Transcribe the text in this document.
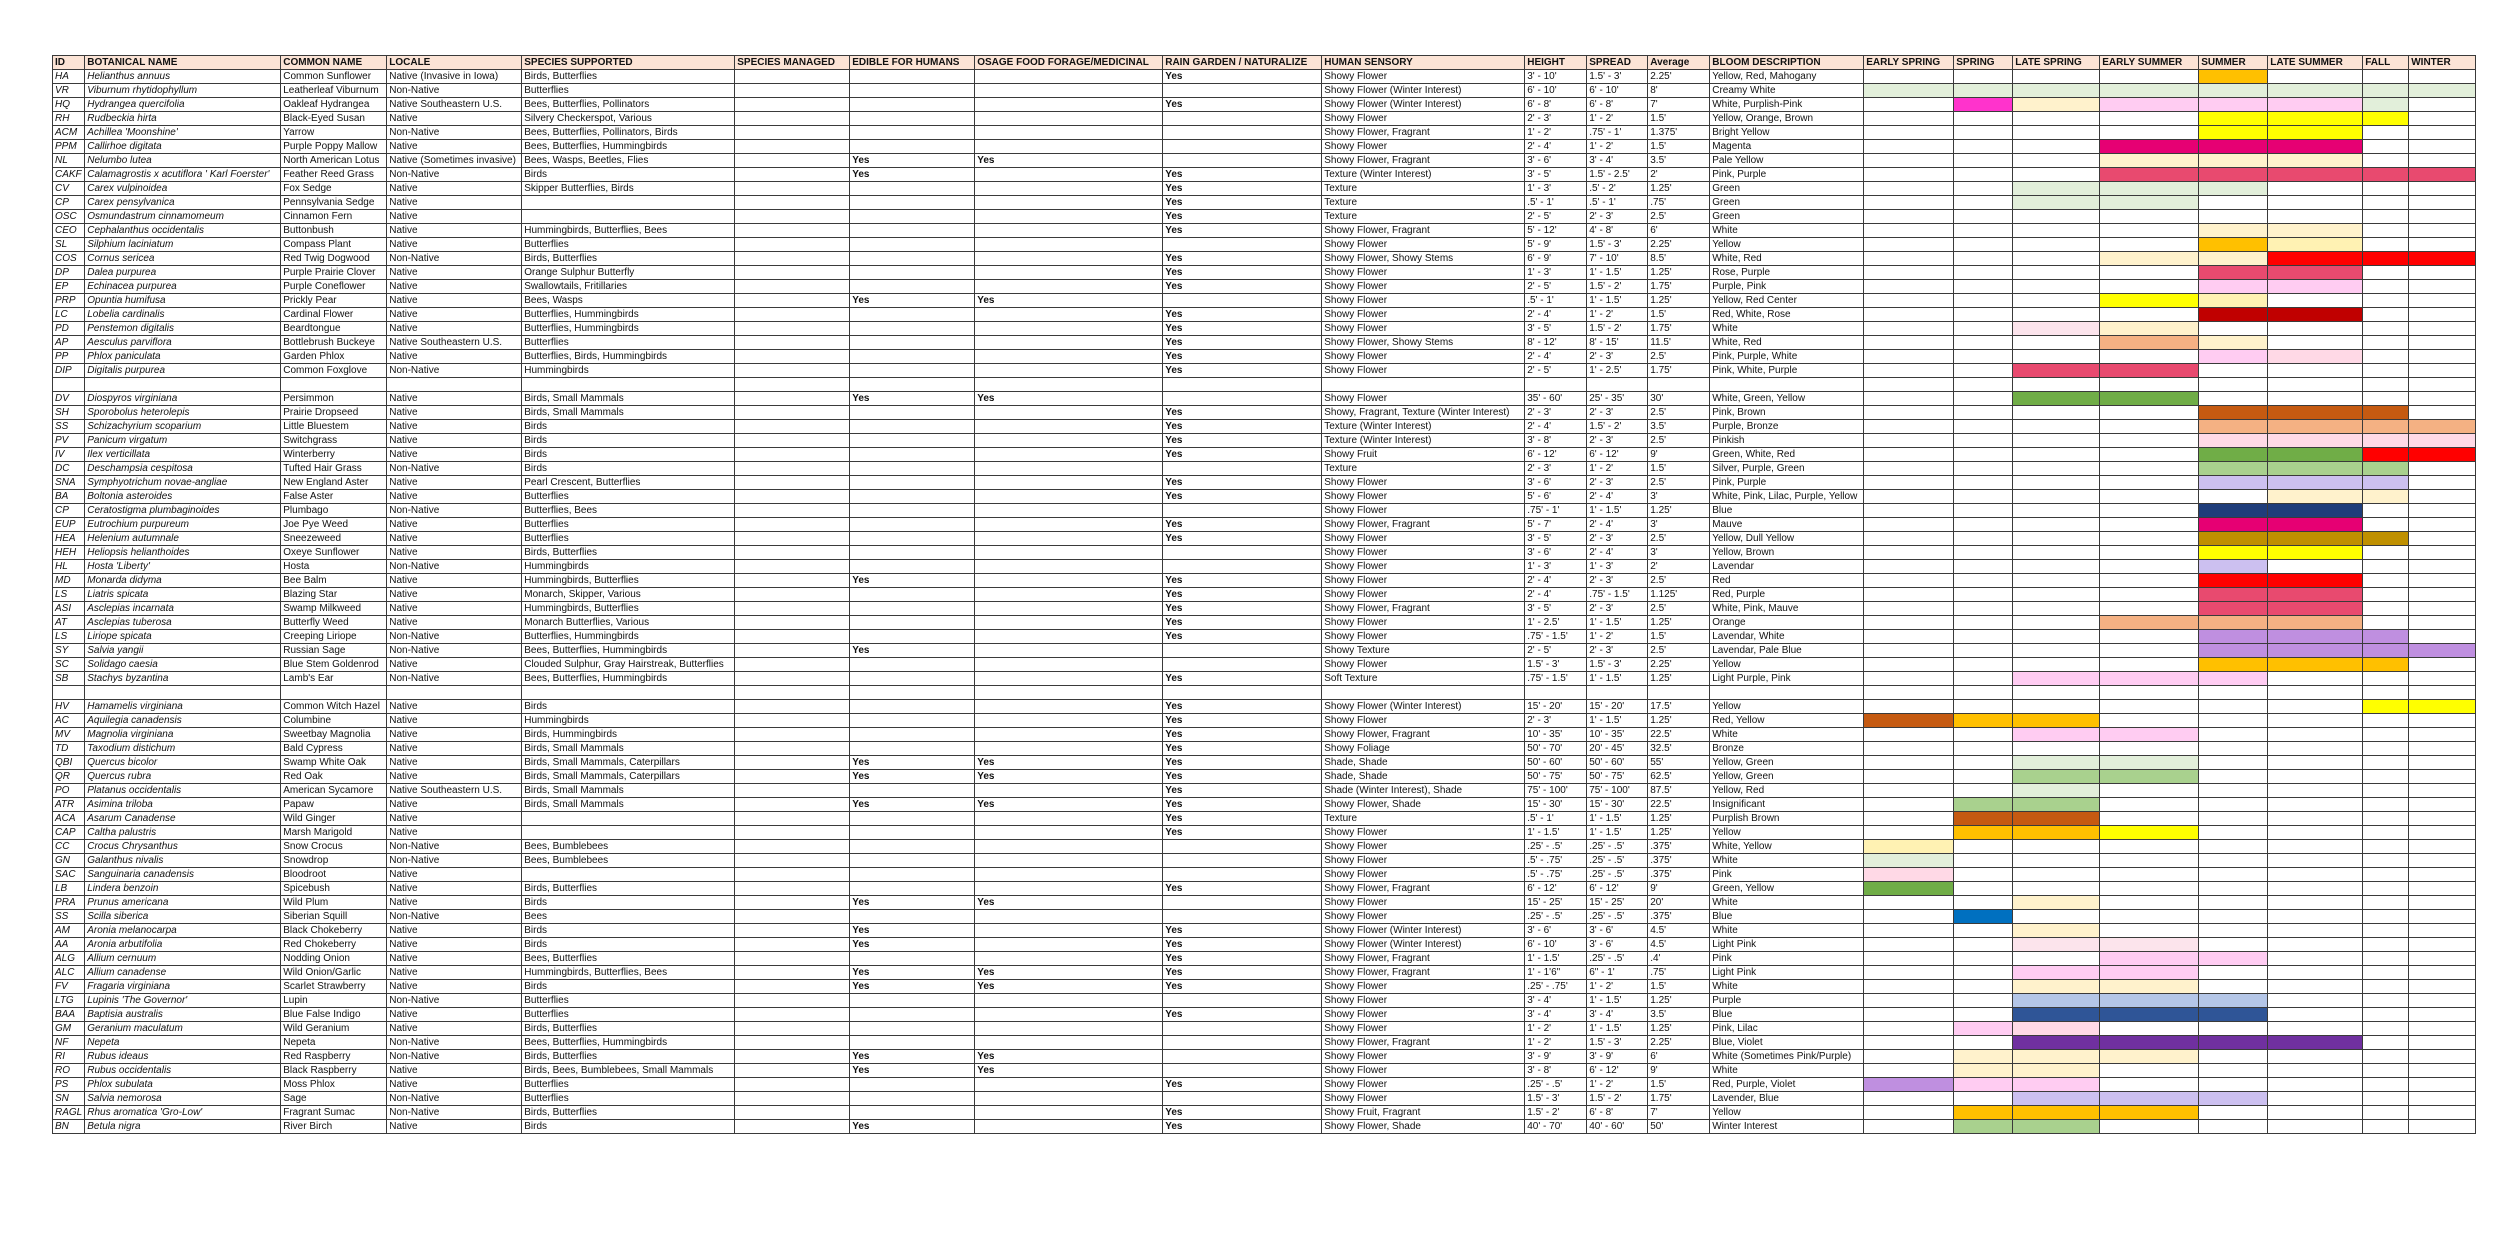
ID	BOTANICAL NAME	COMMON NAME	LOCALE	SPECIES SUPPORTED	SPECIES MANAGED	EDIBLE FOR HUMANS	OSAGE FOOD FORAGE/MEDICINAL	RAIN GARDEN / NATURALIZE	HUMAN SENSORY	HEIGHT	SPREAD	Average	BLOOM DESCRIPTION	EARLY SPRING	SPRING	LATE SPRING	EARLY SUMMER	SUMMER	LATE SUMMER	FALL	WINTER
HA	Helianthus annuus	Common Sunflower	Native (Invasive in Iowa)	Birds, Butterflies				Yes	Showy Flower	3' - 10'	1.5' - 3'	2.25'	Yellow, Red, Mahogany								
VR	Viburnum rhytidophyllum	Leatherleaf Viburnum	Non-Native	Butterflies					Showy Flower (Winter Interest)	6' - 10'	6' - 10'	8'	Creamy White								
HQ	Hydrangea quercifolia	Oakleaf Hydrangea	Native Southeastern U.S.	Bees, Butterflies, Pollinators				Yes	Showy Flower (Winter Interest)	6' - 8'	6' - 8'	7'	White, Purplish-Pink								
RH	Rudbeckia hirta	Black-Eyed Susan	Native	Silvery Checkerspot, Various					Showy Flower	2' - 3'	1' - 2'	1.5'	Yellow, Orange, Brown								
ACM	Achillea 'Moonshine'	Yarrow	Non-Native	Bees, Butterflies, Pollinators, Birds					Showy Flower, Fragrant	1' - 2'	.75' - 1'	1.375'	Bright Yellow								
PPM	Callirhoe digitata	Purple Poppy Mallow	Native	Bees, Butterflies, Hummingbirds					Showy Flower	2' - 4'	1' - 2'	1.5'	Magenta								
NL	Nelumbo lutea	North American Lotus	Native (Sometimes invasive)	Bees, Wasps, Beetles, Flies		Yes	Yes		Showy Flower, Fragrant	3' - 6'	3' - 4'	3.5'	Pale Yellow								
CAKF	Calamagrostis x acutiflora ' Karl Foerster'	Feather Reed Grass	Non-Native	Birds		Yes		Yes	Texture (Winter Interest)	3' - 5'	1.5' - 2.5'	2'	Pink, Purple								
CV	Carex vulpinoidea	Fox Sedge	Native	Skipper Butterflies, Birds				Yes	Texture	1' - 3'	.5' - 2'	1.25'	Green								
CP	Carex pensylvanica	Pennsylvania Sedge	Native					Yes	Texture	.5' - 1'	.5' - 1'	.75'	Green								
OSC	Osmundastrum cinnamomeum	Cinnamon Fern	Native					Yes	Texture	2' - 5'	2' - 3'	2.5'	Green								
CEO	Cephalanthus occidentalis	Buttonbush	Native	Hummingbirds, Butterflies, Bees				Yes	Showy Flower, Fragrant	5' - 12'	4' - 8'	6'	White								
SL	Silphium laciniatum	Compass Plant	Native	Butterflies					Showy Flower	5' - 9'	1.5' - 3'	2.25'	Yellow								
COS	Cornus sericea	Red Twig Dogwood	Non-Native	Birds, Butterflies				Yes	Showy Flower, Showy Stems	6' - 9'	7' - 10'	8.5'	White, Red								
DP	Dalea purpurea	Purple Prairie Clover	Native	Orange Sulphur Butterfly				Yes	Showy Flower	1' - 3'	1' - 1.5'	1.25'	Rose, Purple								
EP	Echinacea purpurea	Purple Coneflower	Native	Swallowtails, Fritillaries				Yes	Showy Flower	2' - 5'	1.5' - 2'	1.75'	Purple, Pink								
PRP	Opuntia humifusa	Prickly Pear	Native	Bees, Wasps		Yes	Yes		Showy Flower	.5' - 1'	1' - 1.5'	1.25'	Yellow, Red Center								
LC	Lobelia cardinalis	Cardinal Flower	Native	Butterflies, Hummingbirds				Yes	Showy Flower	2' - 4'	1' - 2'	1.5'	Red, White, Rose								
PD	Penstemon digitalis	Beardtongue	Native	Butterflies, Hummingbirds				Yes	Showy Flower	3' - 5'	1.5' - 2'	1.75'	White								
AP	Aesculus parviflora	Bottlebrush Buckeye	Native Southeastern U.S.	Butterflies				Yes	Showy Flower, Showy Stems	8' - 12'	8' - 15'	11.5'	White, Red								
PP	Phlox paniculata	Garden Phlox	Native	Butterflies, Birds, Hummingbirds				Yes	Showy Flower	2' - 4'	2' - 3'	2.5'	Pink, Purple, White								
DIP	Digitalis purpurea	Common Foxglove	Non-Native	Hummingbirds				Yes	Showy Flower	2' - 5'	1' - 2.5'	1.75'	Pink, White, Purple								

DV	Diospyros virginiana	Persimmon	Native	Birds, Small Mammals		Yes	Yes		Showy Flower	35' - 60'	25' - 35'	30'	White, Green, Yellow								
SH	Sporobolus heterolepis	Prairie Dropseed	Native	Birds, Small Mammals				Yes	Showy, Fragrant, Texture (Winter Interest)	2' - 3'	2' - 3'	2.5'	Pink, Brown								
SS	Schizachyrium scoparium	Little Bluestem	Native	Birds				Yes	Texture (Winter Interest)	2' - 4'	1.5' - 2'	3.5'	Purple, Bronze								
PV	Panicum virgatum	Switchgrass	Native	Birds				Yes	Texture (Winter Interest)	3' - 8'	2' - 3'	2.5'	Pinkish								
IV	Ilex verticillata	Winterberry	Native	Birds				Yes	Showy Fruit	6' - 12'	6' - 12'	9'	Green, White, Red								
DC	Deschampsia cespitosa	Tufted Hair Grass	Non-Native	Birds					Texture	2' - 3'	1' - 2'	1.5'	Silver, Purple, Green								
SNA	Symphyotrichum novae-angliae	New England Aster	Native	Pearl Crescent, Butterflies				Yes	Showy Flower	3' - 6'	2' - 3'	2.5'	Pink, Purple								
BA	Boltonia asteroides	False Aster	Native	Butterflies				Yes	Showy Flower	5' - 6'	2' - 4'	3'	White, Pink, Lilac, Purple, Yellow								
CP	Ceratostigma plumbaginoides	Plumbago	Non-Native	Butterflies, Bees					Showy Flower	.75' - 1'	1' - 1.5'	1.25'	Blue								
EUP	Eutrochium purpureum	Joe Pye Weed	Native	Butterflies				Yes	Showy Flower, Fragrant	5' - 7'	2' - 4'	3'	Mauve								
HEA	Helenium autumnale	Sneezeweed	Native	Butterflies				Yes	Showy Flower	3' - 5'	2' - 3'	2.5'	Yellow, Dull Yellow								
HEH	Heliopsis helianthoides	Oxeye Sunflower	Native	Birds, Butterflies					Showy Flower	3' - 6'	2' - 4'	3'	Yellow, Brown								
HL	Hosta 'Liberty'	Hosta	Non-Native	Hummingbirds					Showy Flower	1' - 3'	1' - 3'	2'	Lavendar								
MD	Monarda didyma	Bee Balm	Native	Hummingbirds, Butterflies		Yes		Yes	Showy Flower	2' - 4'	2' - 3'	2.5'	Red								
LS	Liatris spicata	Blazing Star	Native	Monarch, Skipper, Various				Yes	Showy Flower	2' - 4'	.75' - 1.5'	1.125'	Red, Purple								
ASI	Asclepias incarnata	Swamp Milkweed	Native	Hummingbirds, Butterflies				Yes	Showy Flower, Fragrant	3' - 5'	2' - 3'	2.5'	White, Pink, Mauve								
AT	Asclepias tuberosa	Butterfly Weed	Native	Monarch Butterflies, Various				Yes	Showy Flower	1' - 2.5'	1' - 1.5'	1.25'	Orange								
LS	Liriope spicata	Creeping Liriope	Non-Native	Butterflies, Hummingbirds				Yes	Showy Flower	.75' - 1.5'	1' - 2'	1.5'	Lavendar, White								
SY	Salvia yangii	Russian Sage	Non-Native	Bees, Butterflies, Hummingbirds		Yes			Showy Texture	2' - 5'	2' - 3'	2.5'	Lavendar, Pale Blue								
SC	Solidago caesia	Blue Stem Goldenrod	Native	Clouded Sulphur, Gray Hairstreak, Butterflies					Showy Flower	1.5' - 3'	1.5' - 3'	2.25'	Yellow								
SB	Stachys byzantina	Lamb's Ear	Non-Native	Bees, Butterflies, Hummingbirds				Yes	Soft Texture	.75' - 1.5'	1' - 1.5'	1.25'	Light Purple, Pink								

HV	Hamamelis virginiana	Common Witch Hazel	Native	Birds				Yes	Showy Flower (Winter Interest)	15' - 20'	15' - 20'	17.5'	Yellow								
AC	Aquilegia canadensis	Columbine	Native	Hummingbirds				Yes	Showy Flower	2' - 3'	1' - 1.5'	1.25'	Red, Yellow								
MV	Magnolia virginiana	Sweetbay Magnolia	Native	Birds, Hummingbirds				Yes	Showy Flower, Fragrant	10' - 35'	10' - 35'	22.5'	White								
TD	Taxodium distichum	Bald Cypress	Native	Birds, Small Mammals				Yes	Showy Foliage	50' - 70'	20' - 45'	32.5'	Bronze								
QBI	Quercus bicolor	Swamp White Oak	Native	Birds, Small Mammals, Caterpillars		Yes	Yes	Yes	Shade, Shade	50' - 60'	50' - 60'	55'	Yellow, Green								
QR	Quercus rubra	Red Oak	Native	Birds, Small Mammals, Caterpillars		Yes	Yes	Yes	Shade, Shade	50' - 75'	50' - 75'	62.5'	Yellow, Green								
PO	Platanus occidentalis	American Sycamore	Native Southeastern U.S.	Birds, Small Mammals				Yes	Shade (Winter Interest), Shade	75' - 100'	75' - 100'	87.5'	Yellow, Red								
ATR	Asimina triloba	Papaw	Native	Birds, Small Mammals		Yes	Yes	Yes	Showy Flower, Shade	15' - 30'	15' - 30'	22.5'	Insignificant								
ACA	Asarum Canadense	Wild Ginger	Native					Yes	Texture	.5' - 1'	1' - 1.5'	1.25'	Purplish Brown								
CAP	Caltha palustris	Marsh Marigold	Native					Yes	Showy Flower	1' - 1.5'	1' - 1.5'	1.25'	Yellow								
CC	Crocus Chrysanthus	Snow Crocus	Non-Native	Bees, Bumblebees					Showy Flower	.25' - .5'	.25' - .5'	.375'	White, Yellow								
GN	Galanthus nivalis	Snowdrop	Non-Native	Bees, Bumblebees					Showy Flower	.5' - .75'	.25' - .5'	.375'	White								
SAC	Sanguinaria canadensis	Bloodroot	Native						Showy Flower	.5' - .75'	.25' - .5'	.375'	Pink								
LB	Lindera benzoin	Spicebush	Native	Birds, Butterflies				Yes	Showy Flower, Fragrant	6' - 12'	6' - 12'	9'	Green, Yellow								
PRA	Prunus americana	Wild Plum	Native	Birds		Yes	Yes		Showy Flower	15' - 25'	15' - 25'	20'	White								
SS	Scilla siberica	Siberian Squill	Non-Native	Bees					Showy Flower	.25' - .5'	.25' - .5'	.375'	Blue								
AM	Aronia melanocarpa	Black Chokeberry	Native	Birds		Yes		Yes	Showy Flower (Winter Interest)	3' - 6'	3' - 6'	4.5'	White								
AA	Aronia arbutifolia	Red Chokeberry	Native	Birds		Yes		Yes	Showy Flower (Winter Interest)	6' - 10'	3' - 6'	4.5'	Light Pink								
ALG	Allium cernuum	Nodding Onion	Native	Bees, Butterflies				Yes	Showy Flower, Fragrant	1' - 1.5'	.25' - .5'	.4'	Pink								
ALC	Allium canadense	Wild Onion/Garlic	Native	Hummingbirds, Butterflies, Bees		Yes	Yes	Yes	Showy Flower, Fragrant	1' - 1'6"	6" - 1'	.75'	Light Pink								
FV	Fragaria virginiana	Scarlet Strawberry	Native	Birds		Yes	Yes	Yes	Showy Flower	.25' - .75'	1' - 2'	1.5'	White								
LTG	Lupinis 'The Governor'	Lupin	Non-Native	Butterflies					Showy Flower	3' - 4'	1' - 1.5'	1.25'	Purple								
BAA	Baptisia australis	Blue False Indigo	Native	Butterflies				Yes	Showy Flower	3' - 4'	3' - 4'	3.5'	Blue								
GM	Geranium maculatum	Wild Geranium	Native	Birds, Butterflies					Showy Flower	1' - 2'	1' - 1.5'	1.25'	Pink, Lilac								
NF	Nepeta	Nepeta	Non-Native	Bees, Butterflies, Hummingbirds					Showy Flower, Fragrant	1' - 2'	1.5' - 3'	2.25'	Blue, Violet								
RI	Rubus ideaus	Red Raspberry	Non-Native	Birds, Butterflies		Yes	Yes		Showy Flower	3' - 9'	3' - 9'	6'	White (Sometimes Pink/Purple)								
RO	Rubus occidentalis	Black Raspberry	Native	Birds, Bees, Bumblebees, Small Mammals		Yes	Yes		Showy Flower	3' - 8'	6' - 12'	9'	White								
PS	Phlox subulata	Moss Phlox	Native	Butterflies				Yes	Showy Flower	.25' - .5'	1' - 2'	1.5'	Red, Purple, Violet								
SN	Salvia nemorosa	Sage	Non-Native	Butterflies					Showy Flower	1.5' - 3'	1.5' - 2'	1.75'	Lavender, Blue								
RAGL	Rhus aromatica 'Gro-Low'	Fragrant Sumac	Non-Native	Birds, Butterflies				Yes	Showy Fruit, Fragrant	1.5' - 2'	6' - 8'	7'	Yellow								
BN	Betula nigra	River Birch	Native	Birds		Yes		Yes	Showy Flower, Shade	40' - 70'	40' - 60'	50'	Winter Interest								
